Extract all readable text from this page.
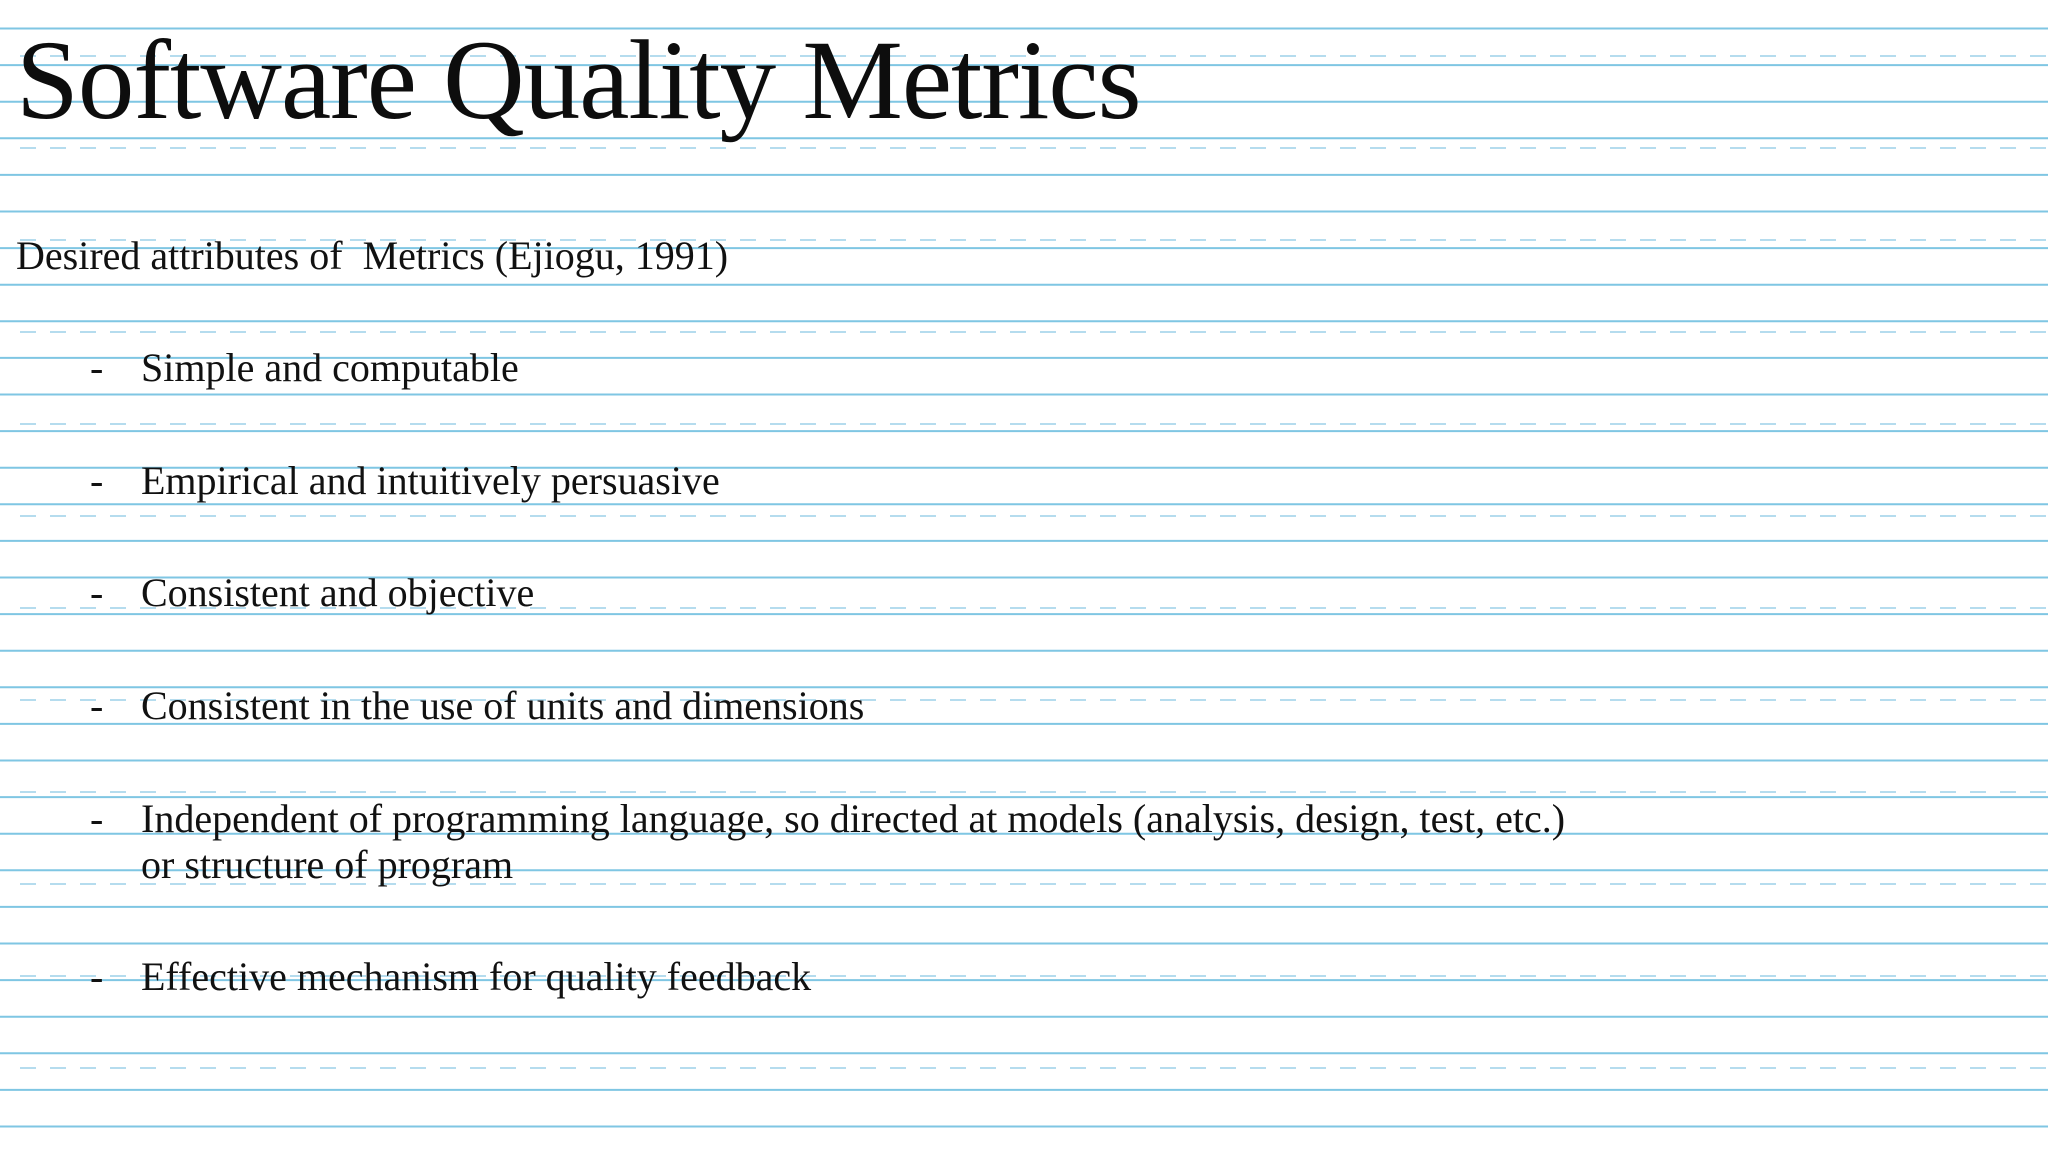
Software Quality Metrics
Desired attributes of  Metrics (Ejiogu, 1991)
- Simple and computable
- Empirical and intuitively persuasive
- Consistent and objective
- Consistent in the use of units and dimensions
- Independent of programming language, so directed at models (analysis, design, test, etc.)
or structure of program
- Effective mechanism for quality feedback
